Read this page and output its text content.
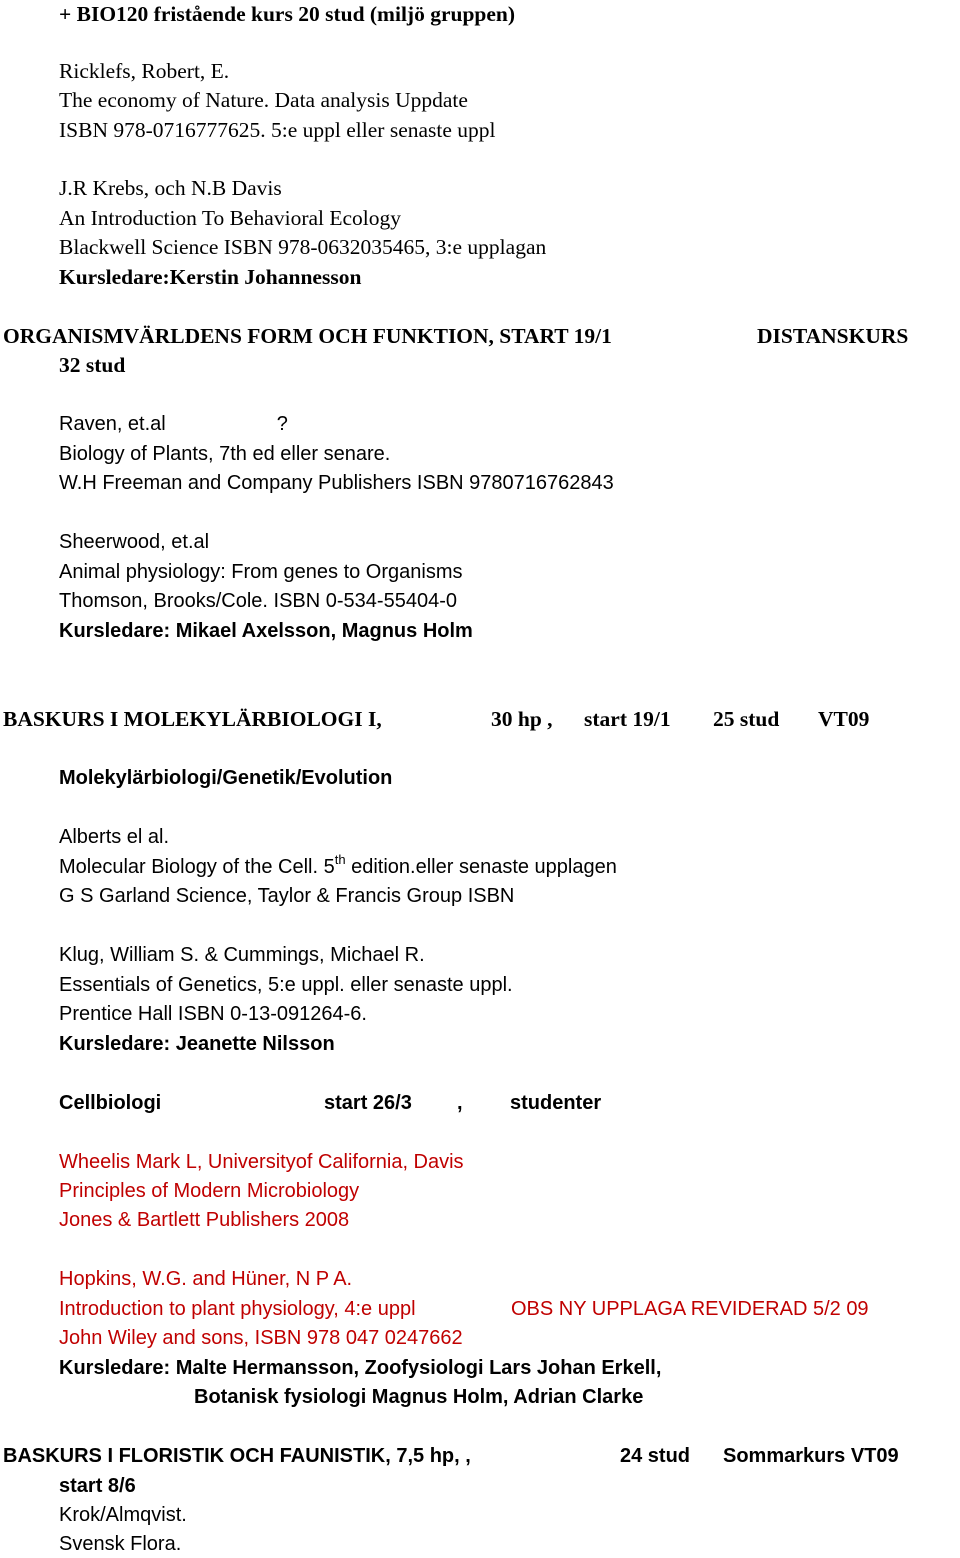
+ BIO120 fristående kurs 20 stud (miljö gruppen)
Ricklefs, Robert, E.
The economy of Nature. Data analysis Uppdate
ISBN 978-0716777625. 5:e uppl eller senaste uppl
J.R Krebs, och N.B Davis
An Introduction To Behavioral Ecology
Blackwell Science ISBN 978-0632035465, 3:e upplagan
Kursledare:Kerstin Johannesson
ORGANISMVÄRLDENS FORM OCH FUNKTION, START 19/1	DISTANSKURS
32 stud
Raven, et.al	?
Biology of Plants, 7th ed eller senare.
W.H Freeman and Company Publishers ISBN 9780716762843
Sheerwood, et.al
Animal physiology: From genes to Organisms
Thomson, Brooks/Cole. ISBN 0-534-55404-0
Kursledare: Mikael Axelsson, Magnus Holm
BASKURS I MOLEKYLÄRBIOLOGI I,	30 hp , start 19/1 25 stud VT09
Molekylärbiologi/Genetik/Evolution
Alberts el al.
Molecular Biology of the Cell. 5th edition.eller senaste upplagen
G S Garland Science, Taylor & Francis Group ISBN
Klug, William S. & Cummings, Michael R.
Essentials of Genetics, 5:e uppl. eller senaste uppl.
Prentice Hall ISBN 0-13-091264-6.
Kursledare: Jeanette Nilsson
Cellbiologi	start 26/3 , studenter
Wheelis Mark L, Universityof California, Davis
Principles of Modern Microbiology
Jones & Bartlett Publishers 2008
Hopkins, W.G. and Hüner, N P A.
Introduction to plant physiology, 4:e uppl	OBS NY UPPLAGA REVIDERAD 5/2 09
John Wiley and sons, ISBN 978 047 0247662
Kursledare: Malte Hermansson, Zoofysiologi Lars Johan Erkell,
Botanisk fysiologi Magnus Holm, Adrian Clarke
BASKURS I FLORISTIK OCH FAUNISTIK, 7,5 hp, ,	24 stud Sommarkurs VT09
start 8/6
Krok/Almqvist.
Svensk Flora.
